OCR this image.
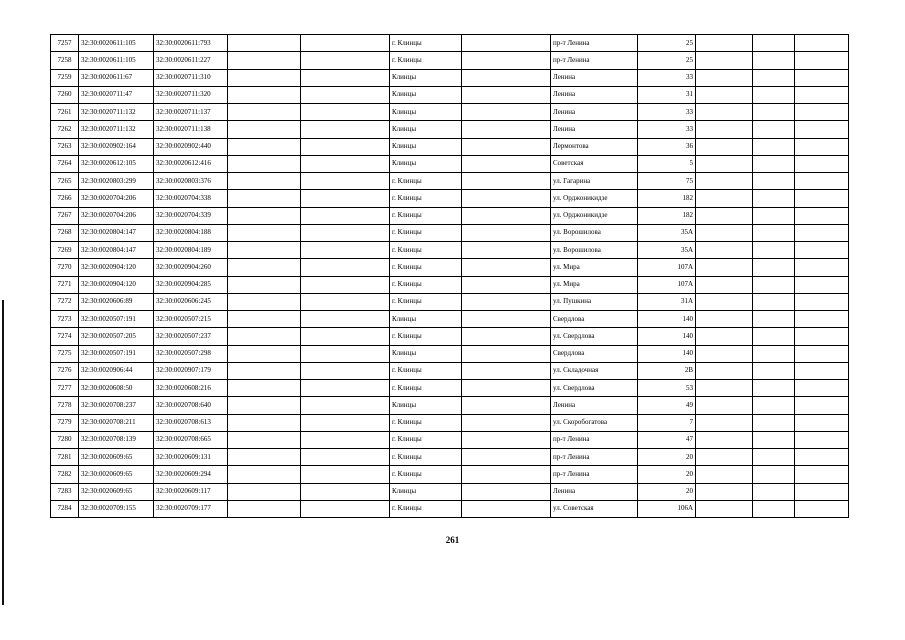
7257	32:30:0020611:105	32:30:0020611:793			г. Клинцы		пр-т Ленина	25			
7258	32:30:0020611:105	32:30:0020611:227			г. Клинцы		пр-т Ленина	25			
7259	32:30:0020611:67	32:30:0020711:310			Клинцы		Ленина	33			
7260	32:30:0020711:47	32:30:0020711:320			Клинцы		Ленина	31			
7261	32:30:0020711:132	32:30:0020711:137			Клинцы		Ленина	33			
7262	32:30:0020711:132	32:30:0020711:138			Клинцы		Ленина	33			
7263	32:30:0020902:164	32:30:0020902:440			Клинцы		Лермонтова	36			
7264	32:30:0020612:105	32:30:0020612:416			Клинцы		Советская	5			
7265	32:30:0020803:299	32:30:0020803:376			г. Клинцы		ул. Гагарина	75			
7266	32:30:0020704:206	32:30:0020704:338			г. Клинцы		ул. Орджоникидзе	182			
7267	32:30:0020704:206	32:30:0020704:339			г. Клинцы		ул. Орджоникидзе	182			
7268	32:30:0020804:147	32:30:0020804:188			г. Клинцы		ул. Ворошилова	35А			
7269	32:30:0020804:147	32:30:0020804:189			г. Клинцы		ул. Ворошилова	35А			
7270	32:30:0020904:120	32:30:0020904:260			г. Клинцы		ул. Мира	107А			
7271	32:30:0020904:120	32:30:0020904:285			г. Клинцы		ул. Мира	107А			
7272	32:30:0020606:89	32:30:0020606:245			г. Клинцы		ул. Пушкина	31А			
7273	32:30:0020507:191	32:30:0020507:215			Клинцы		Свердлова	140			
7274	32:30:0020507:205	32:30:0020507:237			г. Клинцы		ул. Свердлова	140			
7275	32:30:0020507:191	32:30:0020507:298			Клинцы		Свердлова	140			
7276	32:30:0020906:44	32:30:0020907:179			г. Клинцы		ул. Складочная	2В			
7277	32:30:0020608:50	32:30:0020608:216			г. Клинцы		ул. Свердлова	53			
7278	32:30:0020708:237	32:30:0020708:640			Клинцы		Ленина	49			
7279	32:30:0020708:211	32:30:0020708:613			г. Клинцы		ул. Скоробогатова	7			
7280	32:30:0020708:139	32:30:0020708:665			г. Клинцы		пр-т Ленина	47			
7281	32:30:0020609:65	32:30:0020609:131			г. Клинцы		пр-т Ленина	20			
7282	32:30:0020609:65	32:30:0020609:294			г. Клинцы		пр-т Ленина	20			
7283	32:30:0020609:65	32:30:0020609:117			Клинцы		Ленина	20			
7284	32:30:0020709:155	32:30:0020709:177			г. Клинцы		ул. Советская	106А			
261
